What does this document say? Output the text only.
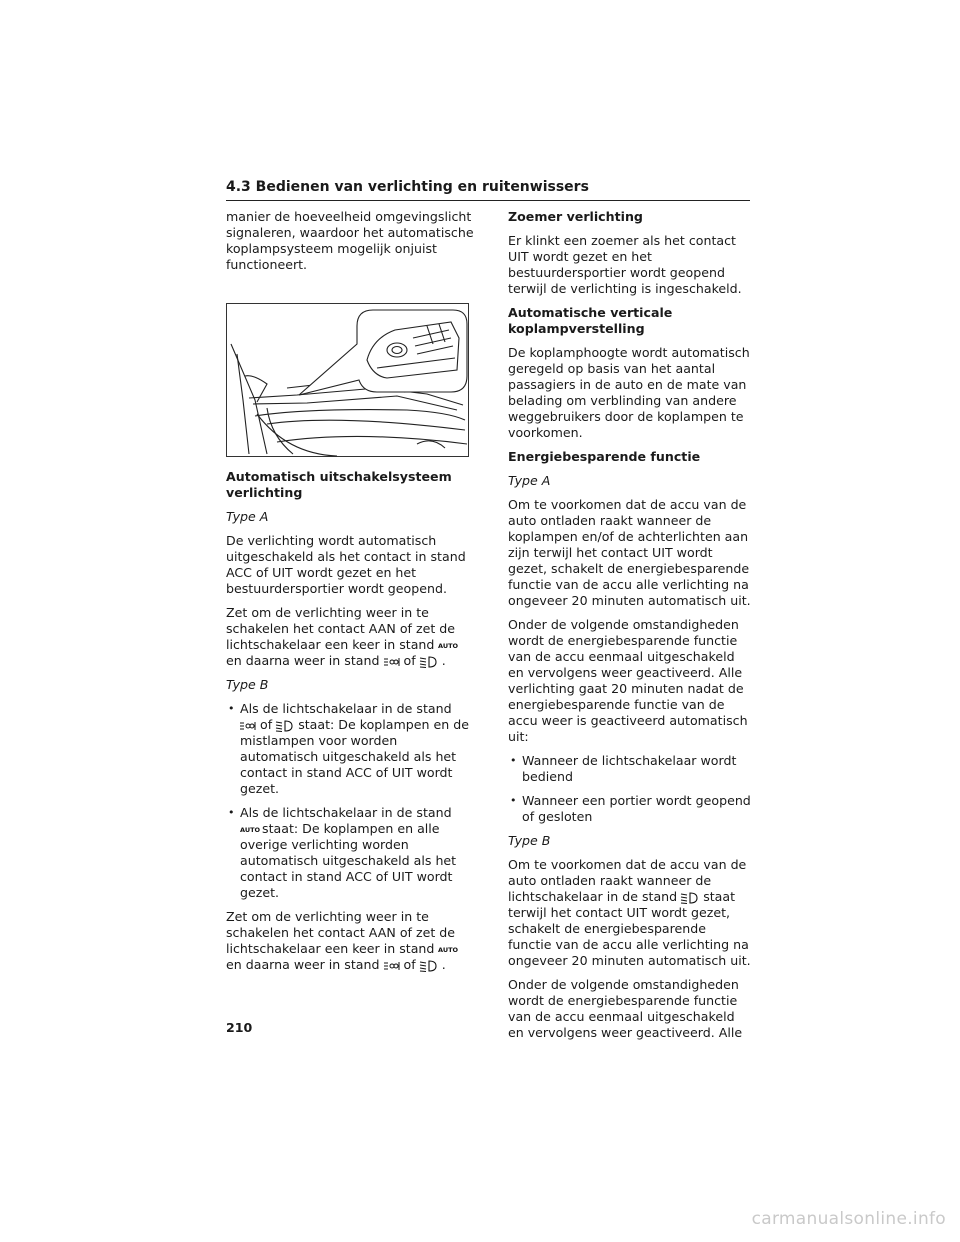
4.3 Bedienen van verlichting en ruitenwissers

manier de hoeveelheid omgevingslicht signaleren, waardoor het automatische koplampsysteem mogelijk onjuist functioneert.

Automatisch uitschakelsysteem verlichting

Type A

De verlichting wordt automatisch uitgeschakeld als het contact in stand ACC of UIT wordt gezet en het bestuurdersportier wordt geopend.

Zet om de verlichting weer in te schakelen het contact AAN of zet de lichtschakelaar een keer in stand AUTO
en daarna weer in stand of .

Type B

• Als de lichtschakelaar in de stand

of staat: De koplampen en de mistlampen voor worden automatisch uitgeschakeld als het contact in stand ACC of UIT wordt gezet.
• Als de lichtschakelaar in de stand

AUTO staat: De koplampen en alle overige verlichting worden automatisch uitgeschakeld als het contact in stand ACC of UIT wordt gezet.

Zet om de verlichting weer in te schakelen het contact AAN of zet de lichtschakelaar een keer in stand AUTO
en daarna weer in stand of .

Zoemer verlichting

Er klinkt een zoemer als het contact UIT wordt gezet en het bestuurdersportier wordt geopend terwijl de verlichting is ingeschakeld.

Automatische verticale koplampverstelling

De koplamphoogte wordt automatisch geregeld op basis van het aantal passagiers in de auto en de mate van belading om verblinding van andere weggebruikers door de koplampen te voorkomen.

Energiebesparende functie

Type A

Om te voorkomen dat de accu van de auto ontladen raakt wanneer de koplampen en/of de achterlichten aan zijn terwijl het contact UIT wordt gezet, schakelt de energiebesparende functie van de accu alle verlichting na ongeveer 20 minuten automatisch uit.

Onder de volgende omstandigheden wordt de energiebesparende functie van de accu eenmaal uitgeschakeld en vervolgens weer geactiveerd. Alle verlichting gaat 20 minuten nadat de energiebesparende functie van de accu weer is geactiveerd automatisch uit:

• Wanneer de lichtschakelaar wordt bediend
• Wanneer een portier wordt geopend of gesloten

Type B

Om te voorkomen dat de accu van de auto ontladen raakt wanneer de lichtschakelaar in de stand staat terwijl het contact UIT wordt gezet, schakelt de energiebesparende functie van de accu alle verlichting na ongeveer 20 minuten automatisch uit.

Onder de volgende omstandigheden wordt de energiebesparende functie van de accu eenmaal uitgeschakeld en vervolgens weer geactiveerd. Alle

210
carmanualsonline.info
